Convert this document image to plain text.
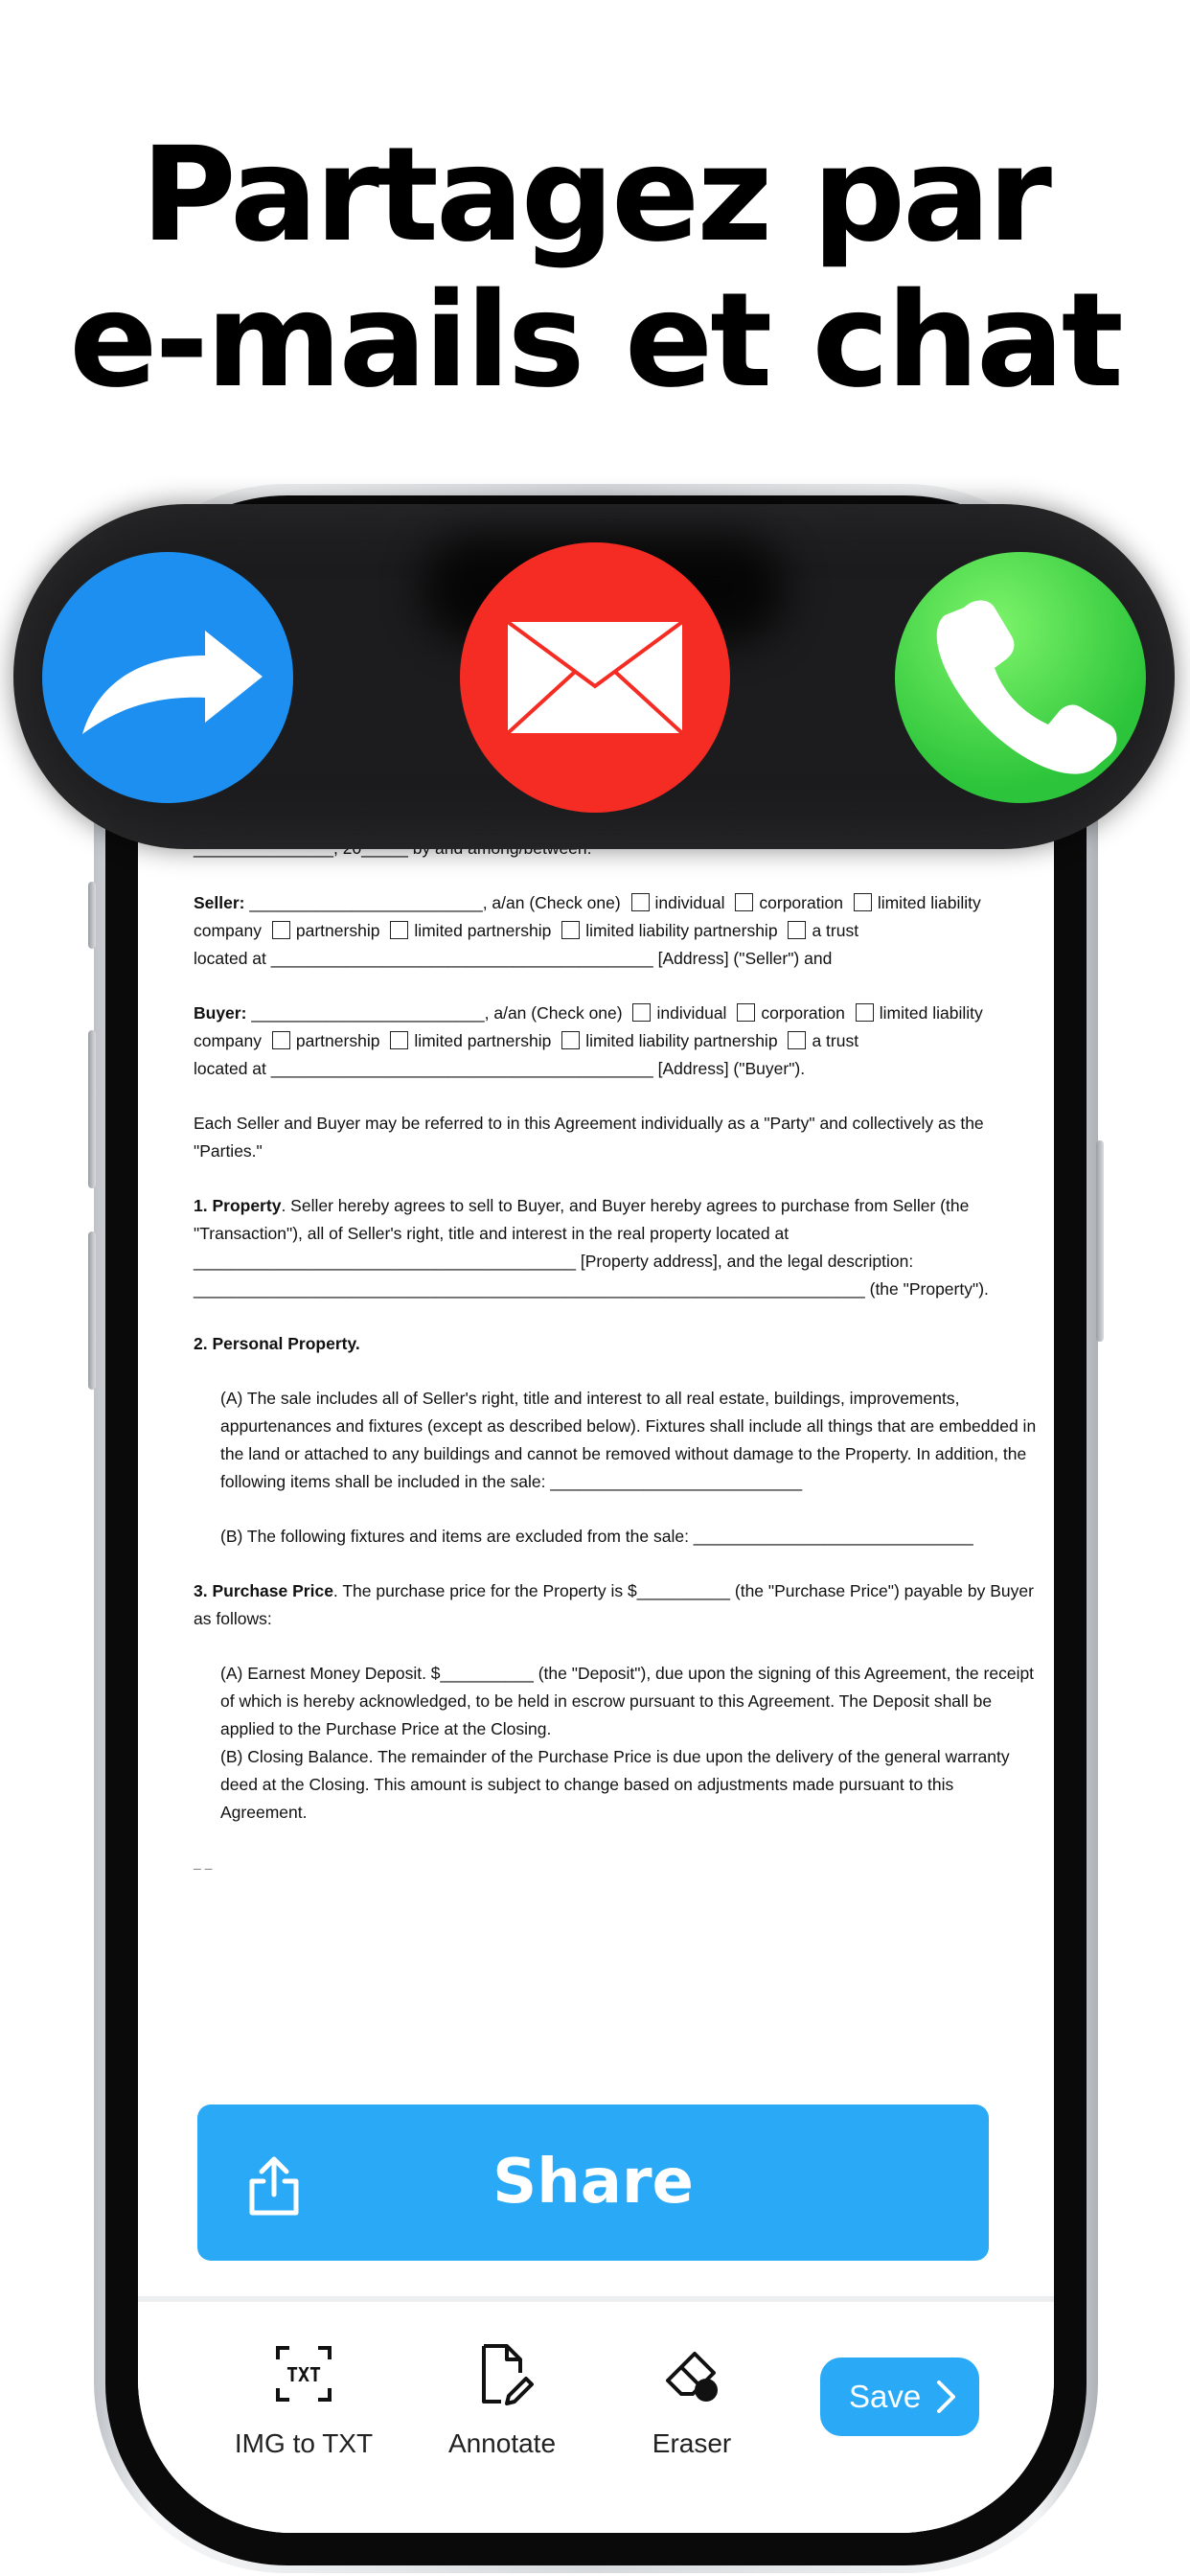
Partagez par
e-mails et chat

Seller: _________________________, a/an (Check one) individual corporation limited liability company partnership limited partnership limited liability partnership a trust
located at _________________________________________ [Address] ("Seller") and

Buyer: _________________________, a/an (Check one) individual corporation limited liability company partnership limited partnership limited liability partnership a trust
located at _________________________________________ [Address] ("Buyer").

Each Seller and Buyer may be referred to in this Agreement individually as a "Party" and collectively as the "Parties."

1. Property. Seller hereby agrees to sell to Buyer, and Buyer hereby agrees to purchase from Seller (the "Transaction"), all of Seller's right, title and interest in the real property located at
_________________________________________ [Property address], and the legal description:
________________________________________________________________________ (the "Property").

2. Personal Property.

(A) The sale includes all of Seller's right, title and interest to all real estate, buildings, improvements, appurtenances and fixtures (except as described below). Fixtures shall include all things that are embedded in the land or attached to any buildings and cannot be removed without damage to the Property. In addition, the following items shall be included in the sale: ___________________________

(B) The following fixtures and items are excluded from the sale: ______________________________

3. Purchase Price. The purchase price for the Property is $__________ (the "Purchase Price") payable by Buyer as follows:

(A) Earnest Money Deposit. $__________ (the "Deposit"), due upon the signing of this Agreement, the receipt of which is hereby acknowledged, to be held in escrow pursuant to this Agreement. The Deposit shall be applied to the Purchase Price at the Closing.

(B) Closing Balance. The remainder of the Purchase Price is due upon the delivery of the general warranty deed at the Closing. This amount is subject to change based on adjustments made pursuant to this Agreement.

– –
Share
TXT
IMG to TXT	Annotate	Eraser
Save
